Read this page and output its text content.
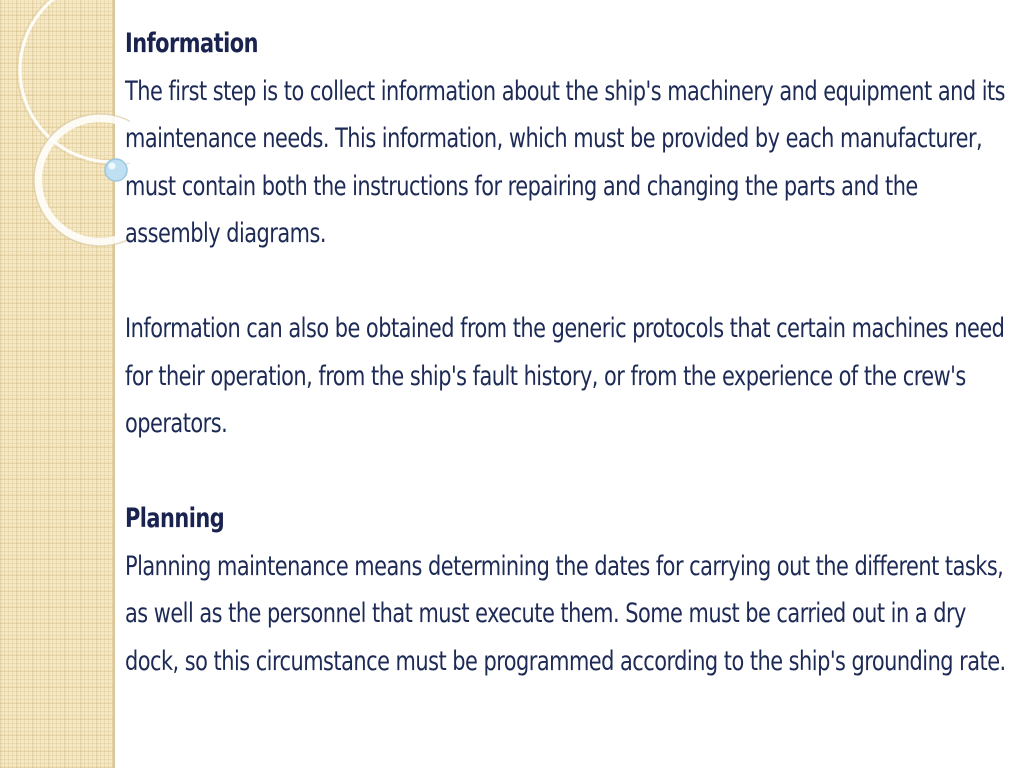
Information

The first step is to collect information about the ship's machinery and equipment and its maintenance needs. This information, which must be provided by each manufacturer, must contain both the instructions for repairing and changing the parts and the assembly diagrams.

Information can also be obtained from the generic protocols that certain machines need for their operation, from the ship's fault history, or from the experience of the crew's operators.

Planning

Planning maintenance means determining the dates for carrying out the different tasks, as well as the personnel that must execute them. Some must be carried out in a dry dock, so this circumstance must be programmed according to the ship's grounding rate.
